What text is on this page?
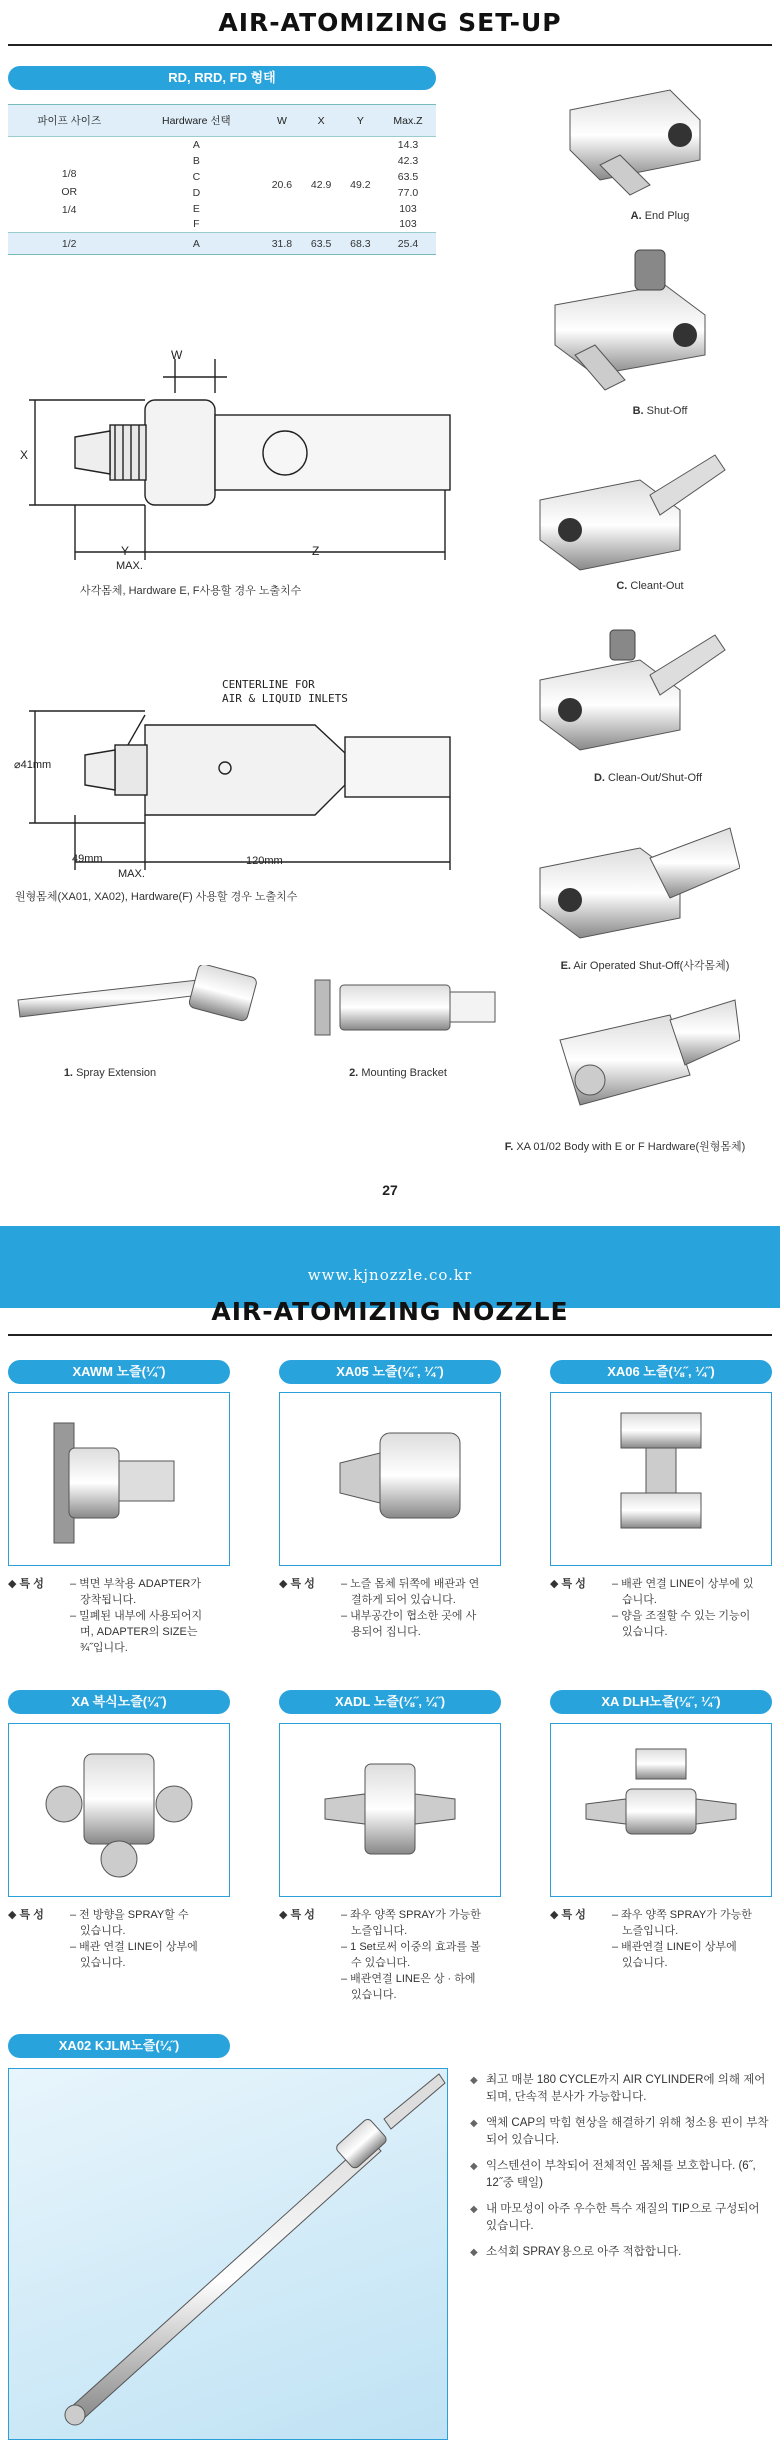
AIR-ATOMIZING SET-UP
RD, RRD, FD 형태
파이프 사이즈	Hardware 선택	W	X	Y	Max.Z

1/8
OR
1/4	A	20.6	42.9	49.2	14.3
	B				42.3
	C				63.5
	D				77.0
	E				103
	F				103
1/2	A	31.8	63.5	68.3	25.4
W
X
Y
MAX.
Z
사각몸체, Hardware E, F사용할 경우 노출치수
CENTERLINE FOR
AIR & LIQUID INLETS
⌀41mm
49mm
MAX.
120mm
원형몸체(XA01, XA02), Hardware(F) 사용할 경우 노출치수
1. Spray Extension	2. Mounting Bracket
A. End Plug
B. Shut-Off
C. Cleant-Out
D. Clean-Out/Shut-Off
E. Air Operated Shut-Off(사각몸체)
F. XA 01/02 Body with E or F Hardware(원형몸체)
27
www.kjnozzle.co.kr
AIR-ATOMIZING NOZZLE
XAWM 노즐(¼˝)	XA05 노즐(⅛˝, ¼˝)	XA06 노즐(⅛˝, ¼˝)
◆ 특 성 – 벽면 부착용 ADAPTER가
장착됩니다.
– 밀폐된 내부에 사용되어지
며, ADAPTER의 SIZE는
¾˝입니다.
◆ 특 성 – 노즐 몸체 뒤쪽에 배관과 연
결하게 되어 있습니다.
– 내부공간이 협소한 곳에 사
용되어 집니다.
◆ 특 성 – 배관 연결 LINE이 상부에 있
습니다.
– 양을 조절할 수 있는 기능이
있습니다.
XA 복식노즐(¼˝)	XADL 노즐(⅛˝, ¼˝)	XA DLH노즐(⅛˝, ¼˝)
◆ 특 성 – 전 방향을 SPRAY할 수
있습니다.
– 배관 연결 LINE이 상부에
있습니다.
◆ 특 성 – 좌우 양쪽 SPRAY가 가능한
노즐입니다.
– 1 Set로써 이중의 효과를 볼
수 있습니다.
– 배관연결 LINE은 상 · 하에
있습니다.
◆ 특 성 – 좌우 양쪽 SPRAY가 가능한
노즐입니다.
– 배관연결 LINE이 상부에
있습니다.
XA02 KJLM노즐(¼˝)
◆ 최고 매분 180 CYCLE까지 AIR CYLINDER에 의해 제어되며, 단속적 분사가 가능합니다.
◆ 액체 CAP의 막힘 현상을 해결하기 위해 청소용 핀이 부착되어 있습니다.
◆ 익스텐션이 부착되어 전체적인 몸체를 보호합니다. (6˝, 12˝중 택일)
◆ 내 마모성이 아주 우수한 특수 재질의 TIP으로 구성되어 있습니다.
◆ 소석회 SPRAY용으로 아주 적합합니다.
